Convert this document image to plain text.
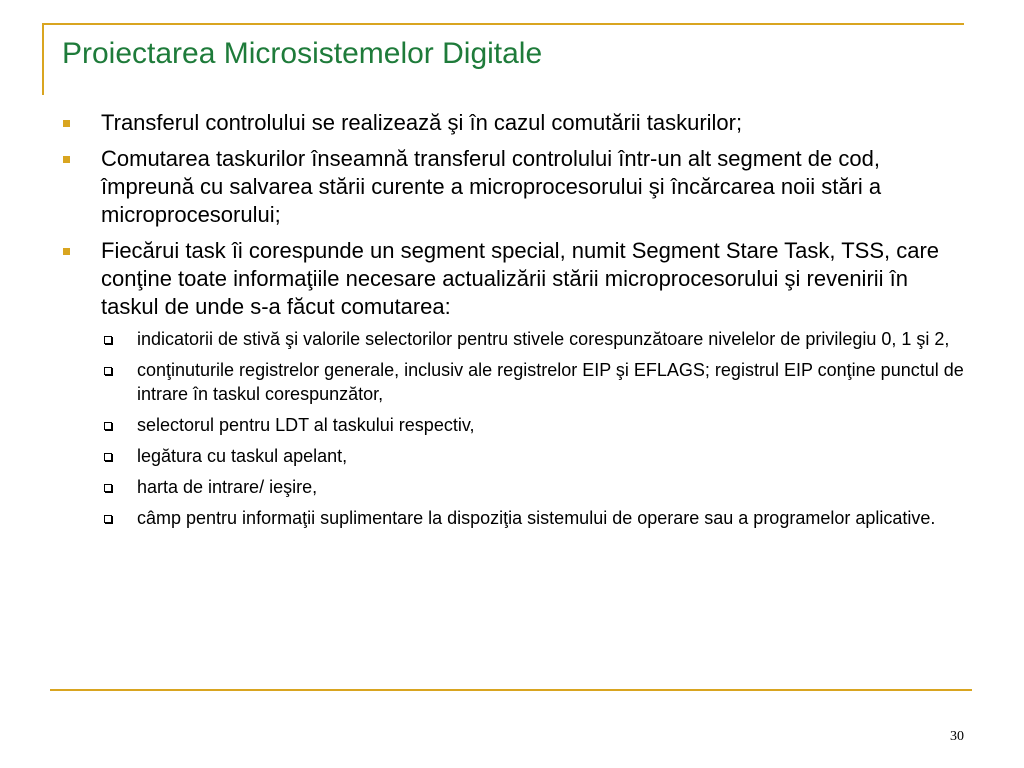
Proiectarea Microsistemelor Digitale
Transferul controlului se realizează şi în cazul comutării taskurilor;
Comutarea taskurilor înseamnă transferul controlului într-un alt segment de cod, împreună cu salvarea stării curente a microprocesorului şi încărcarea noii stări a microprocesorului;
Fiecărui task îi corespunde un segment special, numit Segment Stare Task, TSS, care conţine toate informaţiile necesare actualizării stării microprocesorului şi revenirii în taskul de unde s-a făcut comutarea:
indicatorii de stivă şi valorile selectorilor pentru stivele corespunzătoare nivelelor de privilegiu 0, 1 şi 2,
conţinuturile registrelor generale, inclusiv ale registrelor EIP şi EFLAGS; registrul EIP conţine punctul de intrare în taskul corespunzător,
selectorul pentru LDT al taskului respectiv,
legătura cu taskul apelant,
harta de intrare/ ieşire,
câmp pentru informaţii suplimentare la dispoziţia sistemului de operare sau a programelor aplicative.
30
